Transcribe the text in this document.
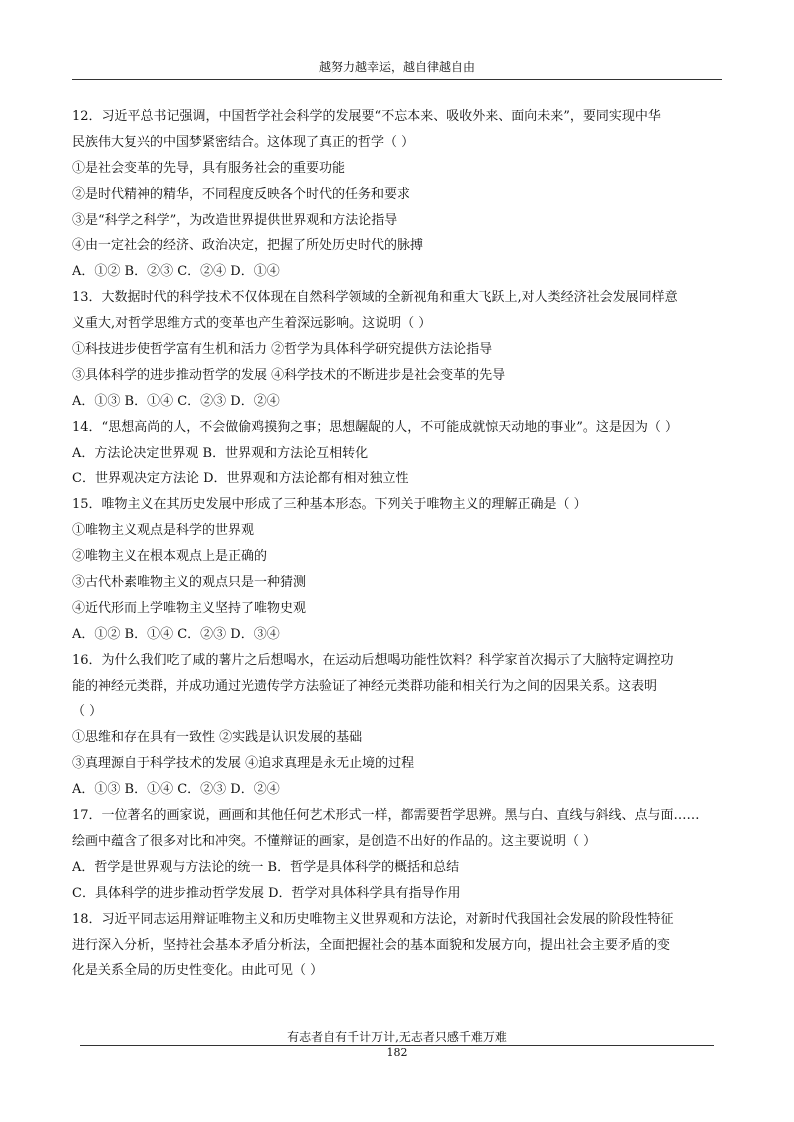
越努力越幸运，越自律越自由
12．习近平总书记强调，中国哲学社会科学的发展要“不忘本来、吸收外来、面向未来”，要同实现中华
民族伟大复兴的中国梦紧密结合。这体现了真正的哲学（ ）
①是社会变革的先导，具有服务社会的重要功能
②是时代精神的精华，不同程度反映各个时代的任务和要求
③是“科学之科学”，为改造世界提供世界观和方法论指导
④由一定社会的经济、政治决定，把握了所处历史时代的脉搏
A．①② B．②③ C．②④ D．①④
13．大数据时代的科学技术不仅体现在自然科学领域的全新视角和重大飞跃上,对人类经济社会发展同样意
义重大,对哲学思维方式的变革也产生着深远影响。这说明（ ）
①科技进步使哲学富有生机和活力 ②哲学为具体科学研究提供方法论指导
③具体科学的进步推动哲学的发展 ④科学技术的不断进步是社会变革的先导
A．①③ B．①④ C．②③ D．②④
14．“思想高尚的人，不会做偷鸡摸狗之事；思想龌龊的人，不可能成就惊天动地的事业”。这是因为（ ）
A．方法论决定世界观 B．世界观和方法论互相转化
C．世界观决定方法论 D．世界观和方法论都有相对独立性
15．唯物主义在其历史发展中形成了三种基本形态。下列关于唯物主义的理解正确是（ ）
①唯物主义观点是科学的世界观
②唯物主义在根本观点上是正确的
③古代朴素唯物主义的观点只是一种猜测
④近代形而上学唯物主义坚持了唯物史观
A．①② B．①④ C．②③ D．③④
16．为什么我们吃了咸的薯片之后想喝水，在运动后想喝功能性饮料？科学家首次揭示了大脑特定调控功
能的神经元类群，并成功通过光遗传学方法验证了神经元类群功能和相关行为之间的因果关系。这表明
（ ）
①思维和存在具有一致性 ②实践是认识发展的基础
③真理源自于科学技术的发展 ④追求真理是永无止境的过程
A．①③ B．①④ C．②③ D．②④
17．一位著名的画家说，画画和其他任何艺术形式一样，都需要哲学思辨。黑与白、直线与斜线、点与面……
绘画中蕴含了很多对比和冲突。不懂辩证的画家，是创造不出好的作品的。这主要说明（ ）
A．哲学是世界观与方法论的统一 B．哲学是具体科学的概括和总结
C．具体科学的进步推动哲学发展 D．哲学对具体科学具有指导作用
18．习近平同志运用辩证唯物主义和历史唯物主义世界观和方法论，对新时代我国社会发展的阶段性特征
进行深入分析，坚持社会基本矛盾分析法，全面把握社会的基本面貌和发展方向，提出社会主要矛盾的变
化是关系全局的历史性变化。由此可见（ ）
有志者自有千计万计,无志者只感千难万难
182
